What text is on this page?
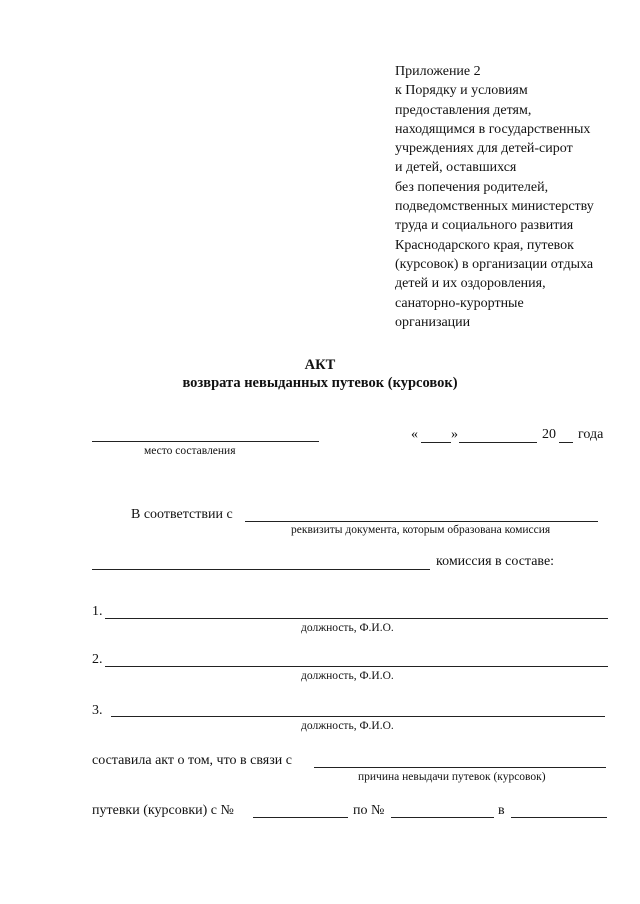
Приложение 2
к Порядку и условиям
предоставления детям,
находящимся в государственных
учреждениях для детей-сирот
и детей, оставшихся
без попечения родителей,
подведомственных министерству
труда и социального развития
Краснодарского края, путевок
(курсовок) в организации отдыха
детей и их оздоровления,
санаторно-курортные
организации
АКТ
возврата невыданных путевок (курсовок)
место составления
« »	20 года
В соответствии с
реквизиты документа, которым образована комиссия
комиссия в составе:
1.
должность, Ф.И.О.
2.
должность, Ф.И.О.
3.
должность, Ф.И.О.
составила акт о том, что в связи с
причина невыдачи путевок (курсовок)
путевки (курсовки) с №	по №	в
